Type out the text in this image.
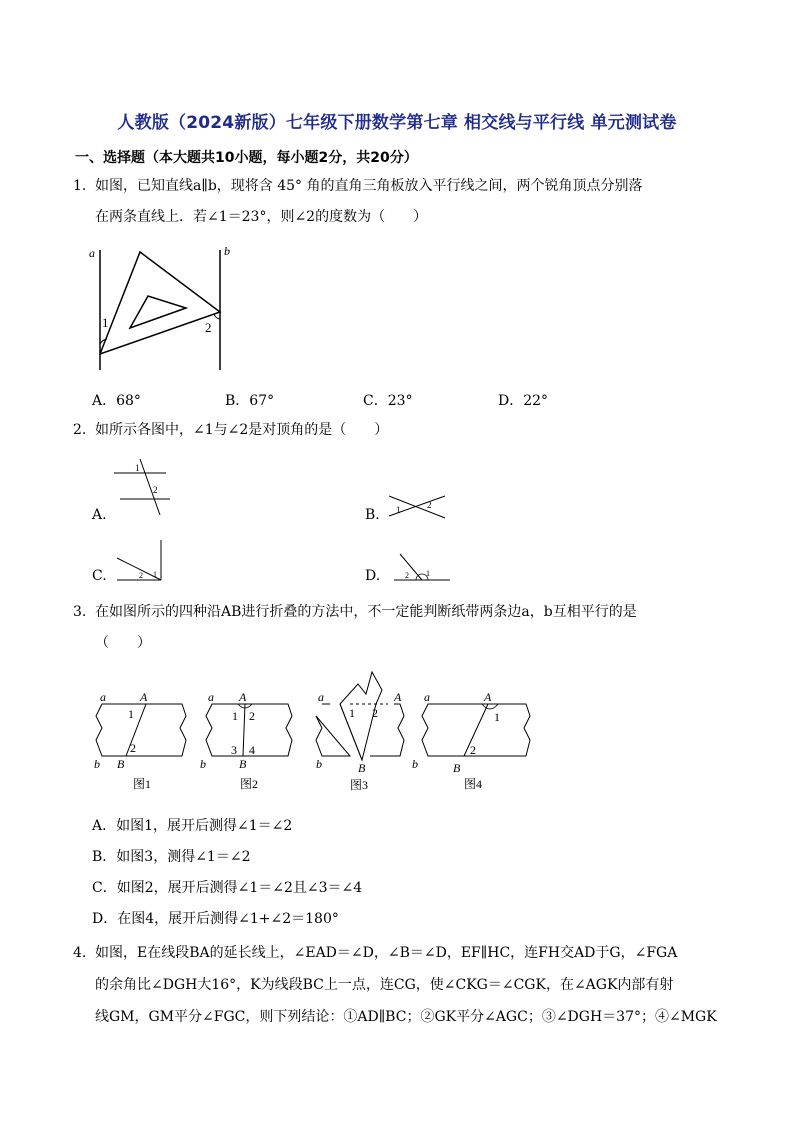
人教版（2024新版）七年级下册数学第七章 相交线与平行线 单元测试卷
一、选择题（本大题共10小题，每小题2分，共20分）
1. 如图，已知直线a∥b，现将含 45° 角的直角三角板放入平行线之间，两个锐角顶点分别落
在两条直线上．若∠1＝23°，则∠2的度数为（　　）
a	b
1	2
A．68°	B．67°	C．23°	D．22°
2. 如所示各图中，∠1与∠2是对顶角的是（　　）
A.
1
2
B. 1	2
C.	2 1	D.	2 1
3. 在如图所示的四种沿AB进行折叠的方法中，不一定能判断纸带两条边a，b互相平行的是
（　　）
a	A
1
2
b B
图1
a A
1 2
3 4
b	B
图2
a	A
1 2
b	B
图3
a	A
1
2
b	B
图4
A．如图1，展开后测得∠1＝∠2
B．如图3，测得∠1＝∠2
C．如图2，展开后测得∠1＝∠2且∠3＝∠4
D．在图4，展开后测得∠1+∠2＝180°
4. 如图，E在线段BA的延长线上，∠EAD＝∠D，∠B＝∠D，EF∥HC，连FH交AD于G，∠FGA
的余角比∠DGH大16°，K为线段BC上一点，连CG，使∠CKG＝∠CGK，在∠AGK内部有射
线GM，GM平分∠FGC，则下列结论：①AD∥BC；②GK平分∠AGC；③∠DGH＝37°；④∠MGK
